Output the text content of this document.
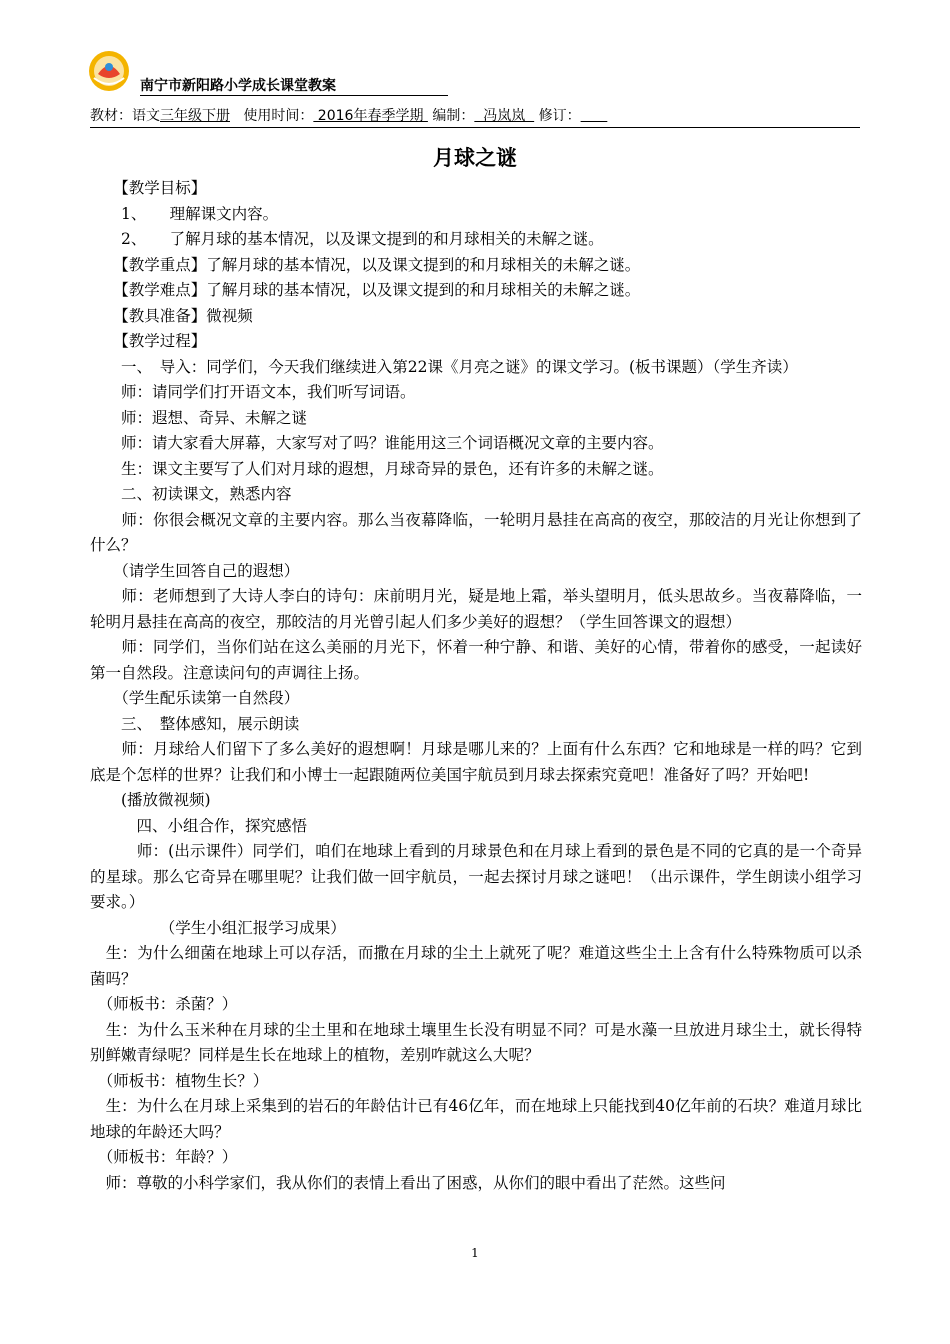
南宁市新阳路小学成长课堂教案
教材：语文三年级下册 使用时间： 2016年春季学期  编制：  冯岚岚   修订：
月球之谜

　　【教学目标】

　　1、　　理解课文内容。

　　2、　　了解月球的基本情况，以及课文提到的和月球相关的未解之谜。

　　【教学重点】了解月球的基本情况，以及课文提到的和月球相关的未解之谜。

　　【教学难点】了解月球的基本情况，以及课文提到的和月球相关的未解之谜。

　　【教具准备】微视频

　　【教学过程】

　　一、　导入：同学们，今天我们继续进入第22课《月亮之谜》的课文学习。(板书课题）（学生齐读）

　　师：请同学们打开语文本，我们听写词语。

　　师：遐想、奇异、未解之谜

　　师：请大家看大屏幕，大家写对了吗？谁能用这三个词语概况文章的主要内容。

　　生：课文主要写了人们对月球的遐想，月球奇异的景色，还有许多的未解之谜。

　　二、初读课文，熟悉内容

　　师：你很会概况文章的主要内容。那么当夜幕降临，一轮明月悬挂在高高的夜空，那皎洁的月光让你想到了什么？

　　（请学生回答自己的遐想）

　　师：老师想到了大诗人李白的诗句：床前明月光，疑是地上霜，举头望明月，低头思故乡。当夜幕降临，一轮明月悬挂在高高的夜空，那皎洁的月光曾引起人们多少美好的遐想？（学生回答课文的遐想）

　　师：同学们，当你们站在这么美丽的月光下，怀着一种宁静、和谐、美好的心情，带着你的感受，一起读好第一自然段。注意读问句的声调往上扬。

　　（学生配乐读第一自然段）

　　三、　整体感知，展示朗读

　　师：月球给人们留下了多么美好的遐想啊！月球是哪儿来的？上面有什么东西？它和地球是一样的吗？它到底是个怎样的世界？让我们和小博士一起跟随两位美国宇航员到月球去探索究竟吧！准备好了吗？开始吧!

　　(播放微视频)

　　　四、小组合作，探究感悟

　　　师：(出示课件）同学们，咱们在地球上看到的月球景色和在月球上看到的景色是不同的它真的是一个奇异的星球。那么它奇异在哪里呢？让我们做一回宇航员，一起去探讨月球之谜吧！（出示课件，学生朗读小组学习要求。）

　　　　　（学生小组汇报学习成果）

　生：为什么细菌在地球上可以存活，而撒在月球的尘土上就死了呢？难道这些尘土上含有什么特殊物质可以杀菌吗？

　（师板书：杀菌？）

　生：为什么玉米种在月球的尘土里和在地球土壤里生长没有明显不同？可是水藻一旦放进月球尘土，就长得特别鲜嫩青绿呢？同样是生长在地球上的植物，差别咋就这么大呢？

　（师板书：植物生长？）

　生：为什么在月球上采集到的岩石的年龄估计已有46亿年，而在地球上只能找到40亿年前的石块？难道月球比地球的年龄还大吗？

　（师板书：年龄？）

　师：尊敬的小科学家们，我从你们的表情上看出了困惑，从你们的眼中看出了茫然。这些问

1
